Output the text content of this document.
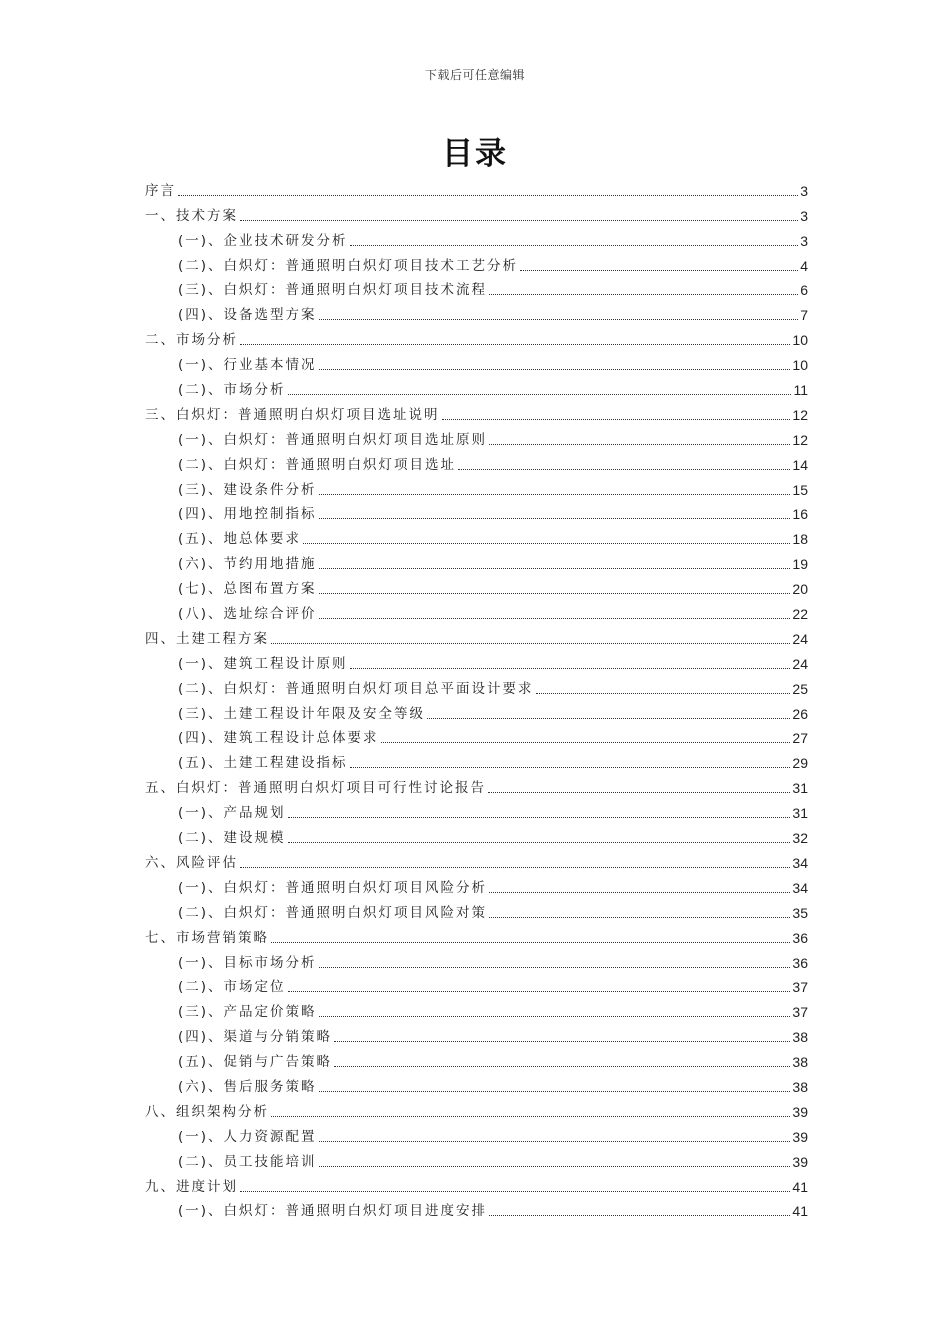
下载后可任意编辑
目录
序言	3
一、技术方案	3
(一)、企业技术研发分析	3
(二)、白炽灯：普通照明白炽灯项目技术工艺分析	4
(三)、白炽灯：普通照明白炽灯项目技术流程	6
(四)、设备选型方案	7
二、市场分析	10
(一)、行业基本情况	10
(二)、市场分析	11
三、白炽灯：普通照明白炽灯项目选址说明	12
(一)、白炽灯：普通照明白炽灯项目选址原则	12
(二)、白炽灯：普通照明白炽灯项目选址	14
(三)、建设条件分析	15
(四)、用地控制指标	16
(五)、地总体要求	18
(六)、节约用地措施	19
(七)、总图布置方案	20
(八)、选址综合评价	22
四、土建工程方案	24
(一)、建筑工程设计原则	24
(二)、白炽灯：普通照明白炽灯项目总平面设计要求	25
(三)、土建工程设计年限及安全等级	26
(四)、建筑工程设计总体要求	27
(五)、土建工程建设指标	29
五、白炽灯：普通照明白炽灯项目可行性讨论报告	31
(一)、产品规划	31
(二)、建设规模	32
六、风险评估	34
(一)、白炽灯：普通照明白炽灯项目风险分析	34
(二)、白炽灯：普通照明白炽灯项目风险对策	35
七、市场营销策略	36
(一)、目标市场分析	36
(二)、市场定位	37
(三)、产品定价策略	37
(四)、渠道与分销策略	38
(五)、促销与广告策略	38
(六)、售后服务策略	38
八、组织架构分析	39
(一)、人力资源配置	39
(二)、员工技能培训	39
九、进度计划	41
(一)、白炽灯：普通照明白炽灯项目进度安排	41
